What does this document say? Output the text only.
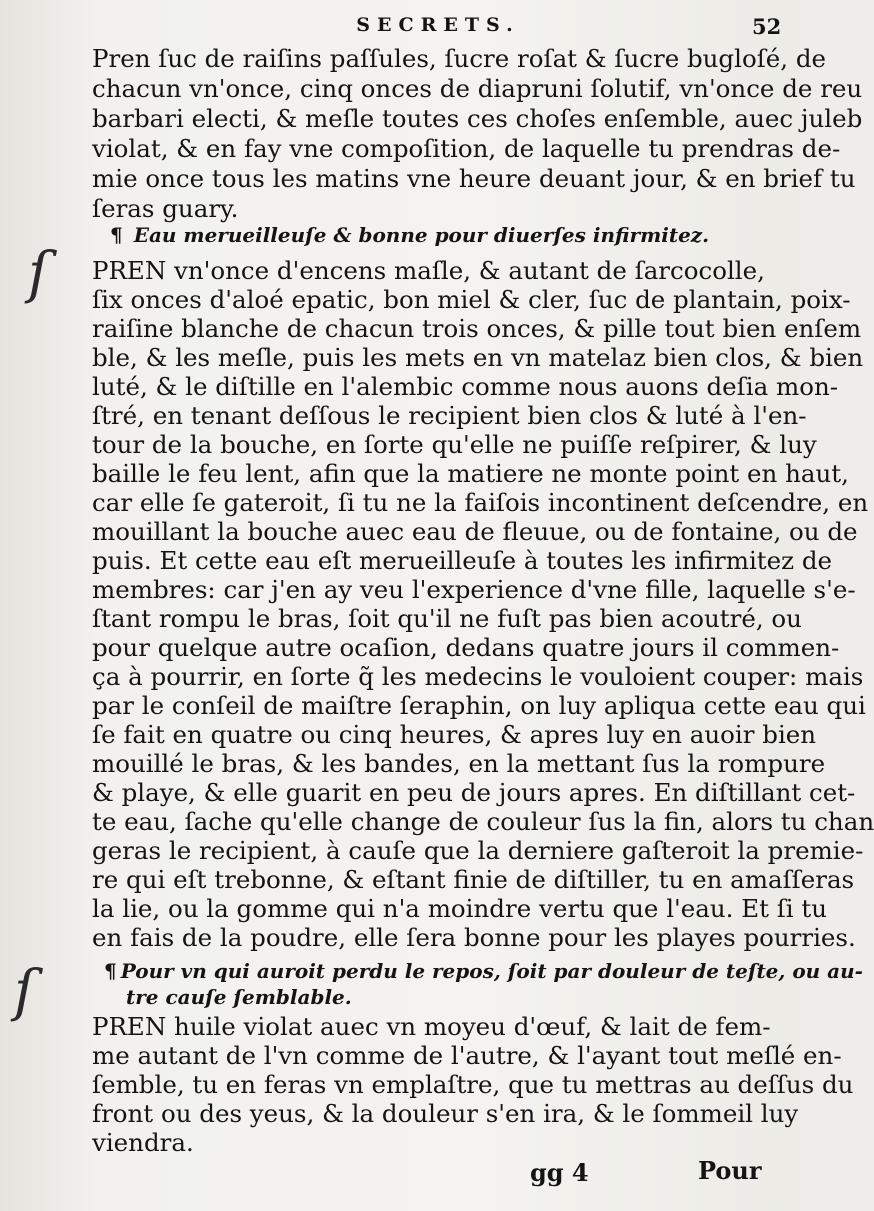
SECRETS.	52
Pren ſuc de raiſins paſſules, ſucre roſat & ſucre bugloſé, de
chacun vn'once, cinq onces de diapruni ſolutif, vn'once de reu
barbari electi, & meſle toutes ces choſes enſemble, auec juleb
violat, & en fay vne compoſition, de laquelle tu prendras de-
mie once tous les matins vne heure deuant jour, & en brief tu
ſeras guary.
¶ Eau merueilleuſe & bonne pour diuerſes infirmitez.
ſ PREN vn'once d'encens maſle, & autant de ſarcocolle,
ſix onces d'aloé epatic, bon miel & cler, ſuc de plantain, poix-
raiſine blanche de chacun trois onces, & pille tout bien enſem
ble, & les meſle, puis les mets en vn matelaz bien clos, & bien
luté, & le diſtille en l'alembic comme nous auons deſia mon-
ſtré, en tenant deſſous le recipient bien clos & luté à l'en-
tour de la bouche, en ſorte qu'elle ne puiſſe reſpirer, & luy
baille le feu lent, afin que la matiere ne monte point en haut,
car elle ſe gateroit, ſi tu ne la faiſois incontinent deſcendre, en
mouillant la bouche auec eau de fleuue, ou de fontaine, ou de
puis. Et cette eau eſt merueilleuſe à toutes les infirmitez de
membres: car j'en ay veu l'experience d'vne fille, laquelle s'e-
ſtant rompu le bras, ſoit qu'il ne fuſt pas bien acoutré, ou
pour quelque autre ocaſion, dedans quatre jours il commen-
ça à pourrir, en ſorte q̃ les medecins le vouloient couper: mais
par le conſeil de maiſtre ſeraphin, on luy apliqua cette eau qui
ſe fait en quatre ou cinq heures, & apres luy en auoir bien
mouillé le bras, & les bandes, en la mettant ſus la rompure
& playe, & elle guarit en peu de jours apres. En diſtillant cet-
te eau, ſache qu'elle change de couleur ſus la fin, alors tu chan
geras le recipient, à cauſe que la derniere gaſteroit la premie-
re qui eſt trebonne, & eſtant finie de diſtiller, tu en amaſſeras
la lie, ou la gomme qui n'a moindre vertu que l'eau. Et ſi tu
en fais de la poudre, elle ſera bonne pour les playes pourries.
ſ	¶ Pour vn qui auroit perdu le repos, ſoit par douleur de teſte, ou au-
tre cauſe ſemblable.
PREN huile violat auec vn moyeu d'œuf, & lait de fem-
me autant de l'vn comme de l'autre, & l'ayant tout meſlé en-
ſemble, tu en feras vn emplaſtre, que tu mettras au deſſus du
front ou des yeus, & la douleur s'en ira, & le ſommeil luy
viendra.
gg 4	Pour
